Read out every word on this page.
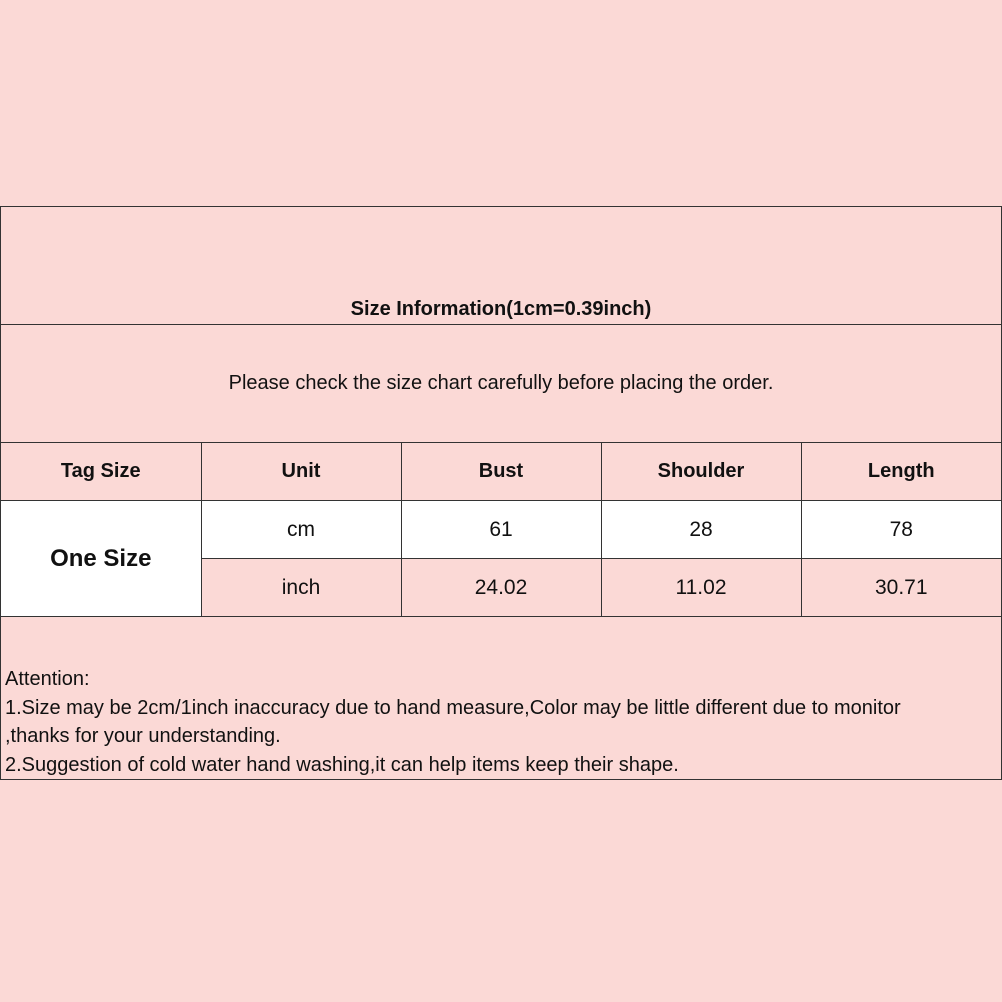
Size Information(1cm=0.39inch)
Please check the size chart carefully before placing the order.
Tag Size	Unit	Bust	Shoulder	Length
One Size	cm	61	28	78
	inch	24.02	11.02	30.71
Attention:
1.Size may be 2cm/1inch inaccuracy due to hand measure,Color may be little different due to monitor
,thanks for your understanding.
2.Suggestion of cold water hand washing,it can help items keep their shape.
